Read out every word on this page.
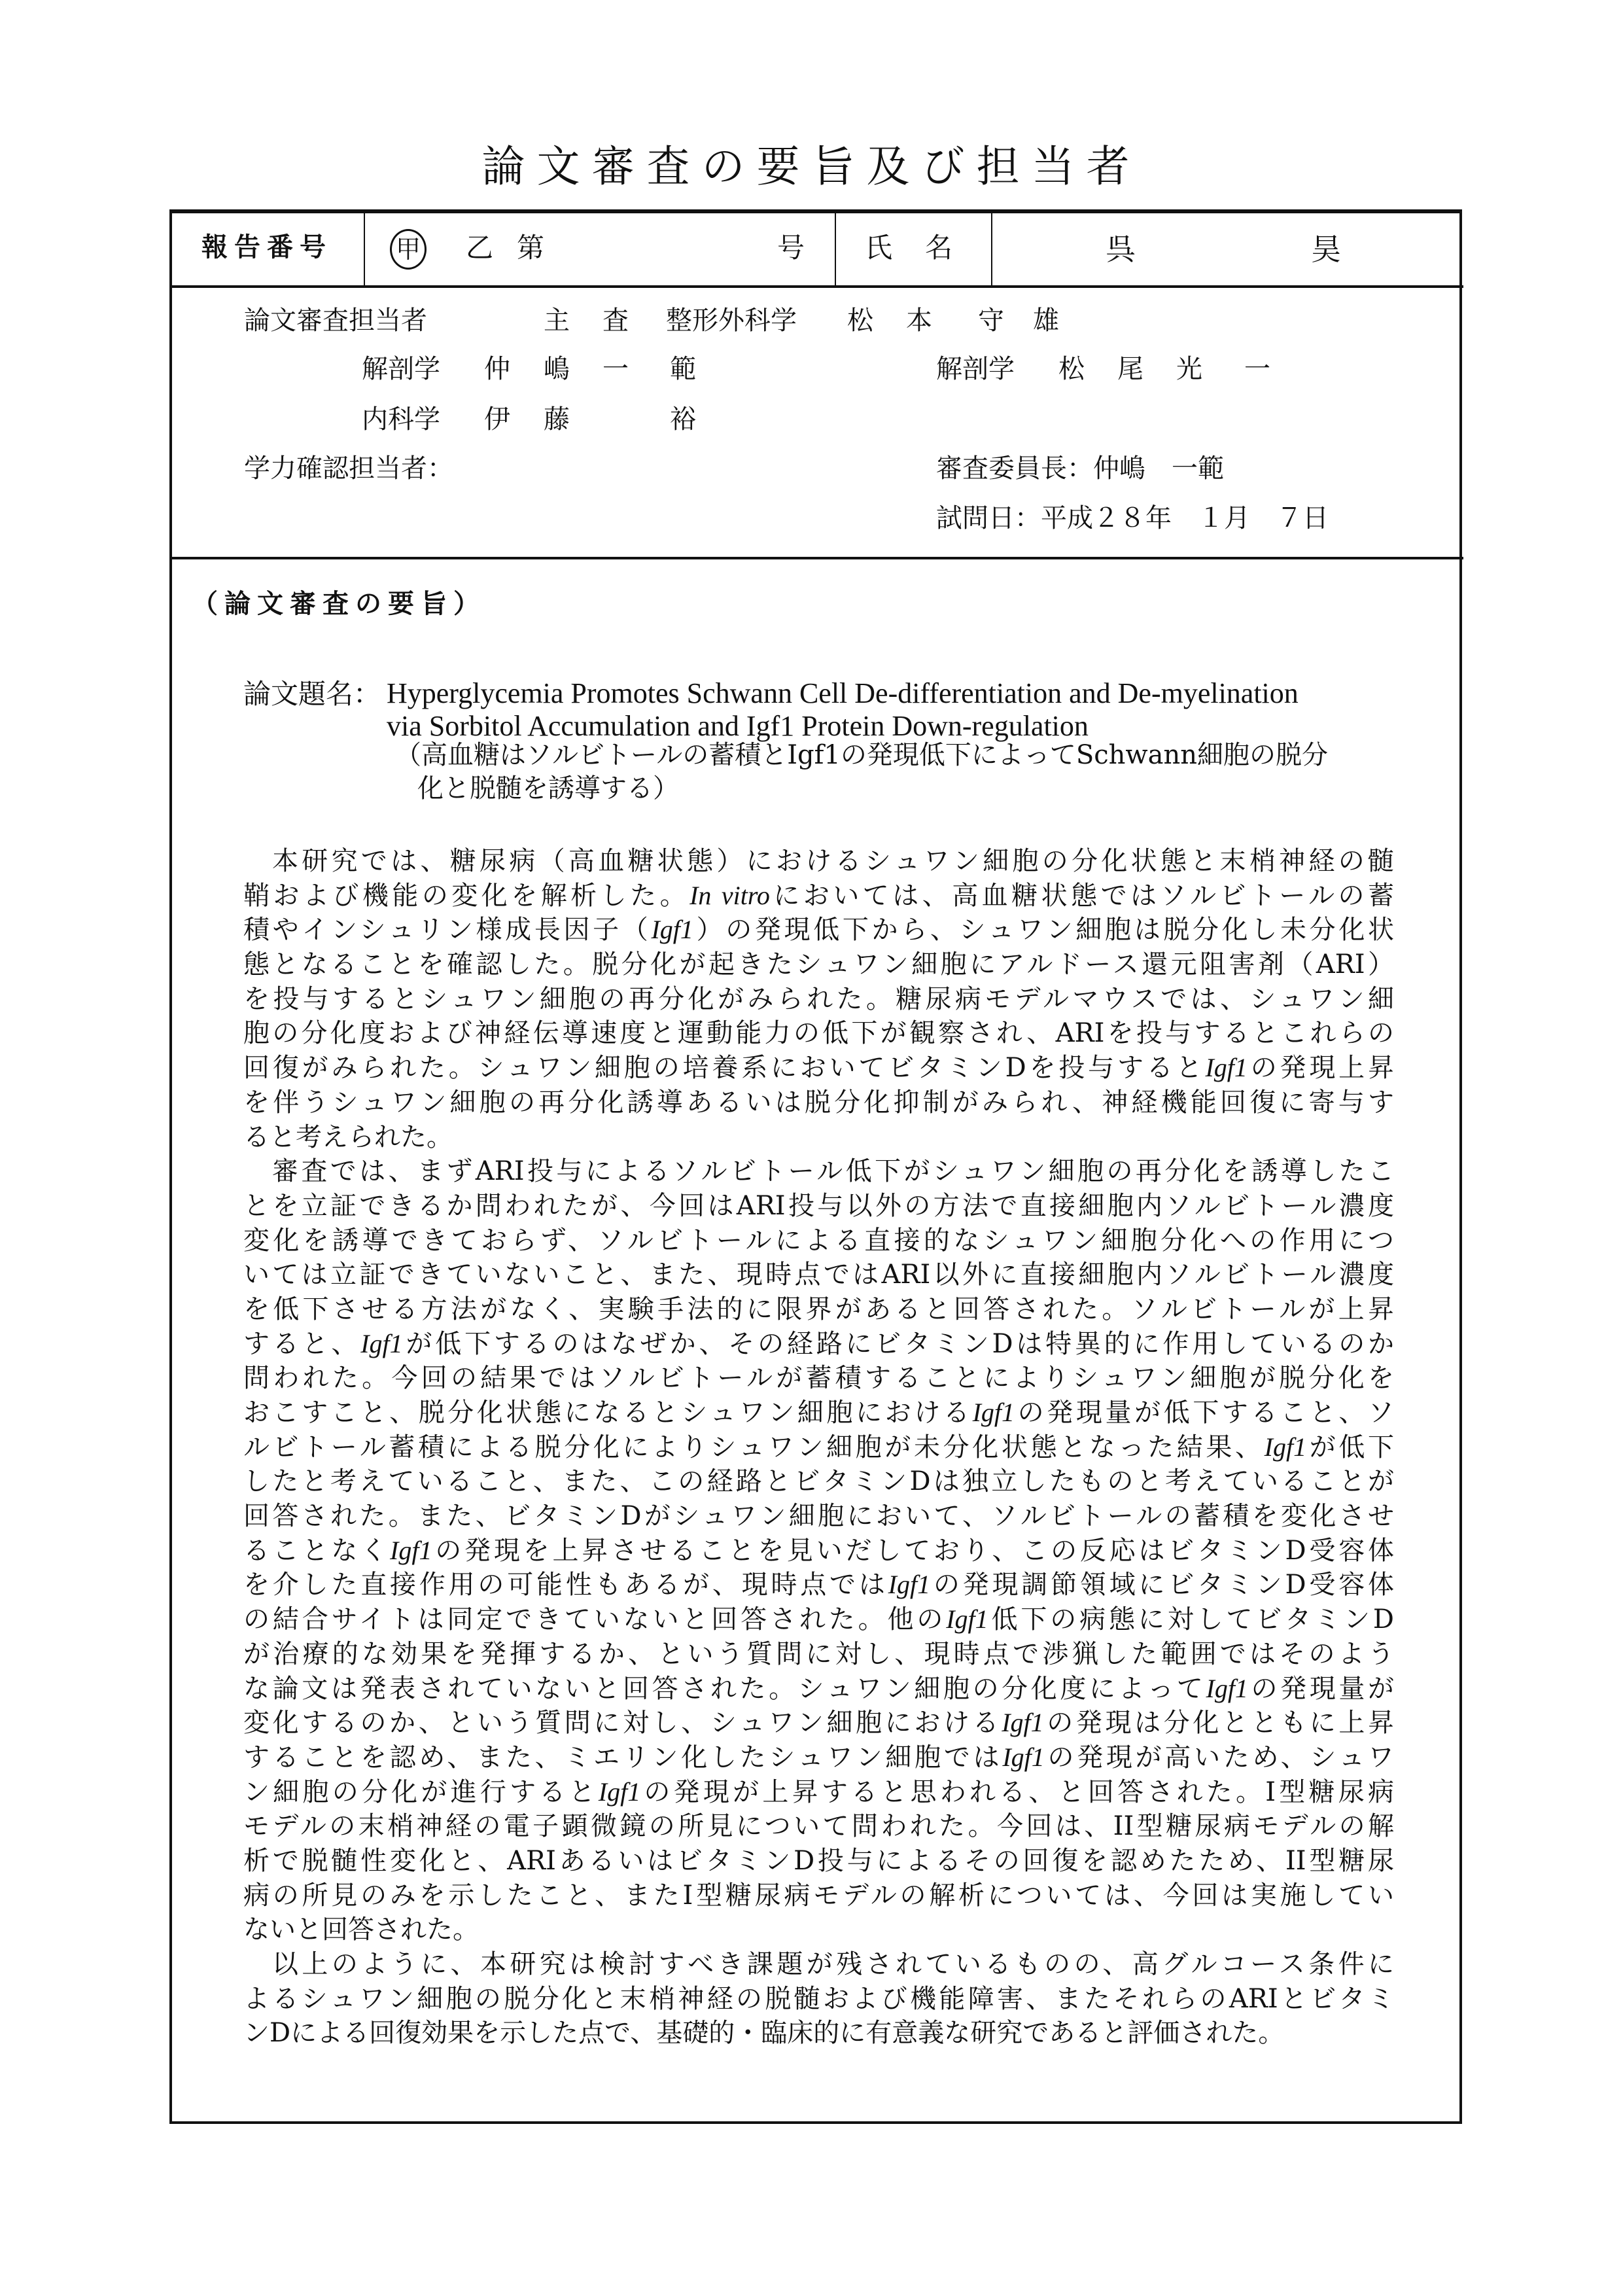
論文審査の要旨及び担当者
報告番号	甲 乙 第	号 氏 名	呉	昊
論文審査担当者	主 査 整形外科学 松 本 守 雄
解剖学 仲 嶋 一 範	解剖学 松 尾 光 一
内科学 伊 藤	裕
学力確認担当者：	審査委員長：仲嶋　一範
試問日：平成２８年　１月　７日
（論文審査の要旨）
論文題名： Hyperglycemia Promotes Schwann Cell De-differentiation and De-myelination
via Sorbitol Accumulation and Igf1 Protein Down-regulation
（高血糖はソルビトールの蓄積とIgf1の発現低下によってSchwann細胞の脱分
化と脱髄を誘導する）
本研究では、糖尿病（高血糖状態）におけるシュワン細胞の分化状態と末梢神経の髄
鞘および機能の変化を解析した。In vitroにおいては、高血糖状態ではソルビトールの蓄
積やインシュリン様成長因子（Igf1）の発現低下から、シュワン細胞は脱分化し未分化状
態となることを確認した。脱分化が起きたシュワン細胞にアルドース還元阻害剤（ARI）
を投与するとシュワン細胞の再分化がみられた。糖尿病モデルマウスでは、シュワン細
胞の分化度および神経伝導速度と運動能力の低下が観察され、ARIを投与するとこれらの
回復がみられた。シュワン細胞の培養系においてビタミンDを投与するとIgf1の発現上昇
を伴うシュワン細胞の再分化誘導あるいは脱分化抑制がみられ、神経機能回復に寄与す
ると考えられた。
審査では、まずARI投与によるソルビトール低下がシュワン細胞の再分化を誘導したこ
とを立証できるか問われたが、今回はARI投与以外の方法で直接細胞内ソルビトール濃度
変化を誘導できておらず、ソルビトールによる直接的なシュワン細胞分化への作用につ
いては立証できていないこと、また、現時点ではARI以外に直接細胞内ソルビトール濃度
を低下させる方法がなく、実験手法的に限界があると回答された。ソルビトールが上昇
すると、Igf1が低下するのはなぜか、その経路にビタミンDは特異的に作用しているのか
問われた。今回の結果ではソルビトールが蓄積することによりシュワン細胞が脱分化を
おこすこと、脱分化状態になるとシュワン細胞におけるIgf1の発現量が低下すること、ソ
ルビトール蓄積による脱分化によりシュワン細胞が未分化状態となった結果、Igf1が低下
したと考えていること、また、この経路とビタミンDは独立したものと考えていることが
回答された。また、ビタミンDがシュワン細胞において、ソルビトールの蓄積を変化させ
ることなくIgf1の発現を上昇させることを見いだしており、この反応はビタミンD受容体
を介した直接作用の可能性もあるが、現時点ではIgf1の発現調節領域にビタミンD受容体
の結合サイトは同定できていないと回答された。他のIgf1低下の病態に対してビタミンD
が治療的な効果を発揮するか、という質問に対し、現時点で渉猟した範囲ではそのよう
な論文は発表されていないと回答された。シュワン細胞の分化度によってIgf1の発現量が
変化するのか、という質問に対し、シュワン細胞におけるIgf1の発現は分化とともに上昇
することを認め、また、ミエリン化したシュワン細胞ではIgf1の発現が高いため、シュワ
ン細胞の分化が進行するとIgf1の発現が上昇すると思われる、と回答された。I型糖尿病
モデルの末梢神経の電子顕微鏡の所見について問われた。今回は、II型糖尿病モデルの解
析で脱髄性変化と、ARIあるいはビタミンD投与によるその回復を認めたため、II型糖尿
病の所見のみを示したこと、またI型糖尿病モデルの解析については、今回は実施してい
ないと回答された。
以上のように、本研究は検討すべき課題が残されているものの、高グルコース条件に
よるシュワン細胞の脱分化と末梢神経の脱髄および機能障害、またそれらのARIとビタミ
ンDによる回復効果を示した点で、基礎的・臨床的に有意義な研究であると評価された。
